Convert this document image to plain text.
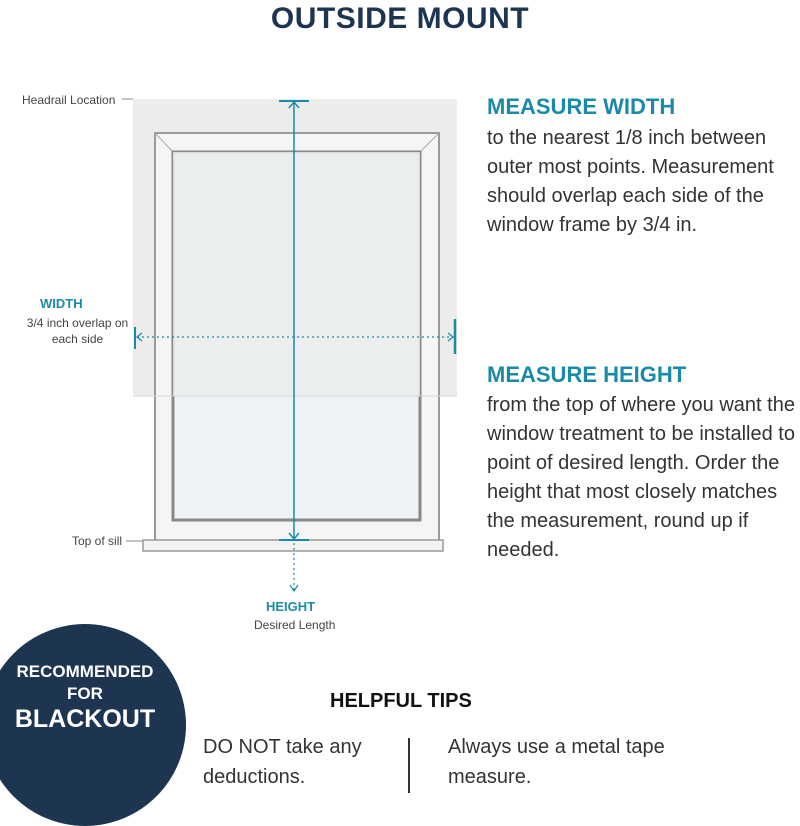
OUTSIDE MOUNT
Headrail Location
WIDTH
3/4 inch overlap on each side
Top of sill
HEIGHT
Desired Length
MEASURE WIDTH
to the nearest 1/8 inch between outer most points. Measurement should overlap each side of the window frame by 3/4 in.
MEASURE HEIGHT
from the top of where you want the window treatment to be installed to point of desired length. Order the height that most closely matches the measurement, round up if needed.
RECOMMENDED
FOR
BLACKOUT
HELPFUL TIPS
DO NOT take any deductions.
Always use a metal tape measure.
